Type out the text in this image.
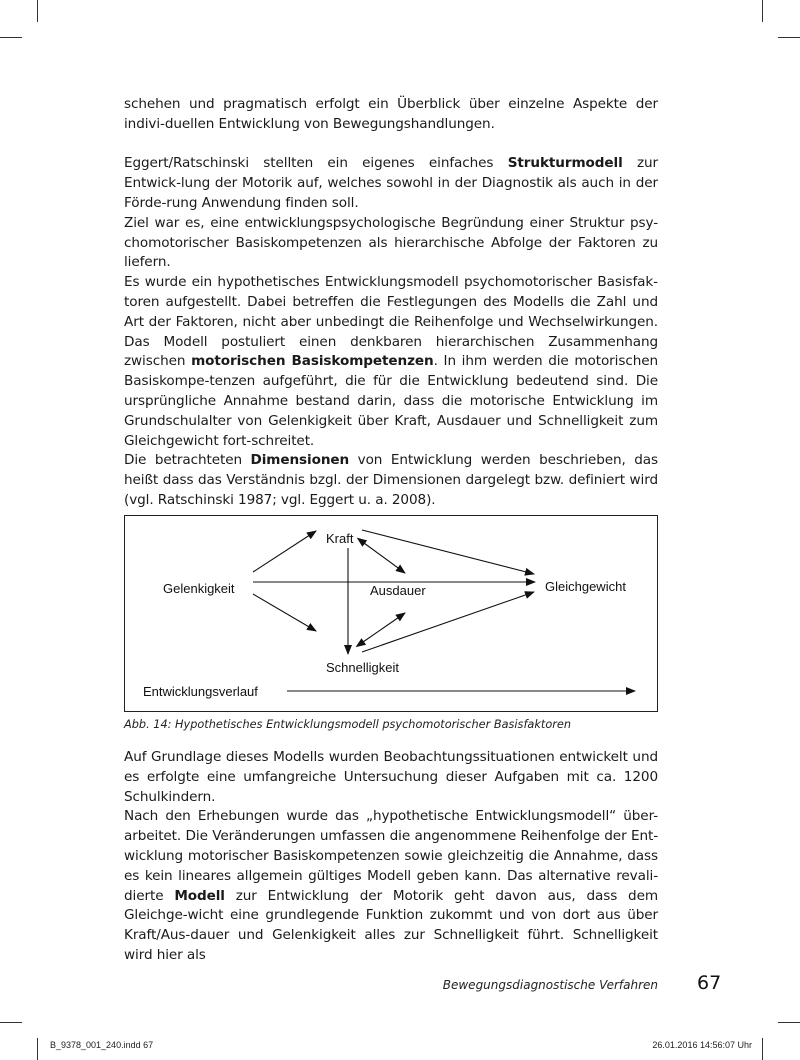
schehen und pragmatisch erfolgt ein Überblick über einzelne Aspekte der indivi-duellen Entwicklung von Bewegungshandlungen.

Eggert/Ratschinski stellten ein eigenes einfaches Strukturmodell zur Entwick-lung der Motorik auf, welches sowohl in der Diagnostik als auch in der Förde-rung Anwendung finden soll.

Ziel war es, eine entwicklungspsychologische Begründung einer Struktur psy-chomotorischer Basiskompetenzen als hierarchische Abfolge der Faktoren zu liefern.

Es wurde ein hypothetisches Entwicklungsmodell psychomotorischer Basisfak-toren aufgestellt. Dabei betreffen die Festlegungen des Modells die Zahl und Art der Faktoren, nicht aber unbedingt die Reihenfolge und Wechselwirkungen. Das Modell postuliert einen denkbaren hierarchischen Zusammenhang zwischen motorischen Basiskompetenzen. In ihm werden die motorischen Basiskompe-tenzen aufgeführt, die für die Entwicklung bedeutend sind. Die ursprüngliche Annahme bestand darin, dass die motorische Entwicklung im Grundschulalter von Gelenkigkeit über Kraft, Ausdauer und Schnelligkeit zum Gleichgewicht fort-schreitet.

Die betrachteten Dimensionen von Entwicklung werden beschrieben, das heißt dass das Verständnis bzgl. der Dimensionen dargelegt bzw. definiert wird (vgl. Ratschinski 1987; vgl. Eggert u. a. 2008).

Kraft
Gelenkigkeit	Ausdauer	Gleichgewicht
Schnelligkeit
Entwicklungsverlauf
Abb. 14: Hypothetisches Entwicklungsmodell psychomotorischer Basisfaktoren

Auf Grundlage dieses Modells wurden Beobachtungssituationen entwickelt und es erfolgte eine umfangreiche Untersuchung dieser Aufgaben mit ca. 1200 Schulkindern.

Nach den Erhebungen wurde das „hypothetische Entwicklungsmodell“ über-arbeitet. Die Veränderungen umfassen die angenommene Reihenfolge der Ent-wicklung motorischer Basiskompetenzen sowie gleichzeitig die Annahme, dass es kein lineares allgemein gültiges Modell geben kann. Das alternative revali-dierte Modell zur Entwicklung der Motorik geht davon aus, dass dem Gleichge-wicht eine grundlegende Funktion zukommt und von dort aus über Kraft/Aus-dauer und Gelenkigkeit alles zur Schnelligkeit führt. Schnelligkeit wird hier als

Bewegungsdiagnostische Verfahren 67
B_9378_001_240.indd 67	26.01.2016 14:56:07 Uhr
